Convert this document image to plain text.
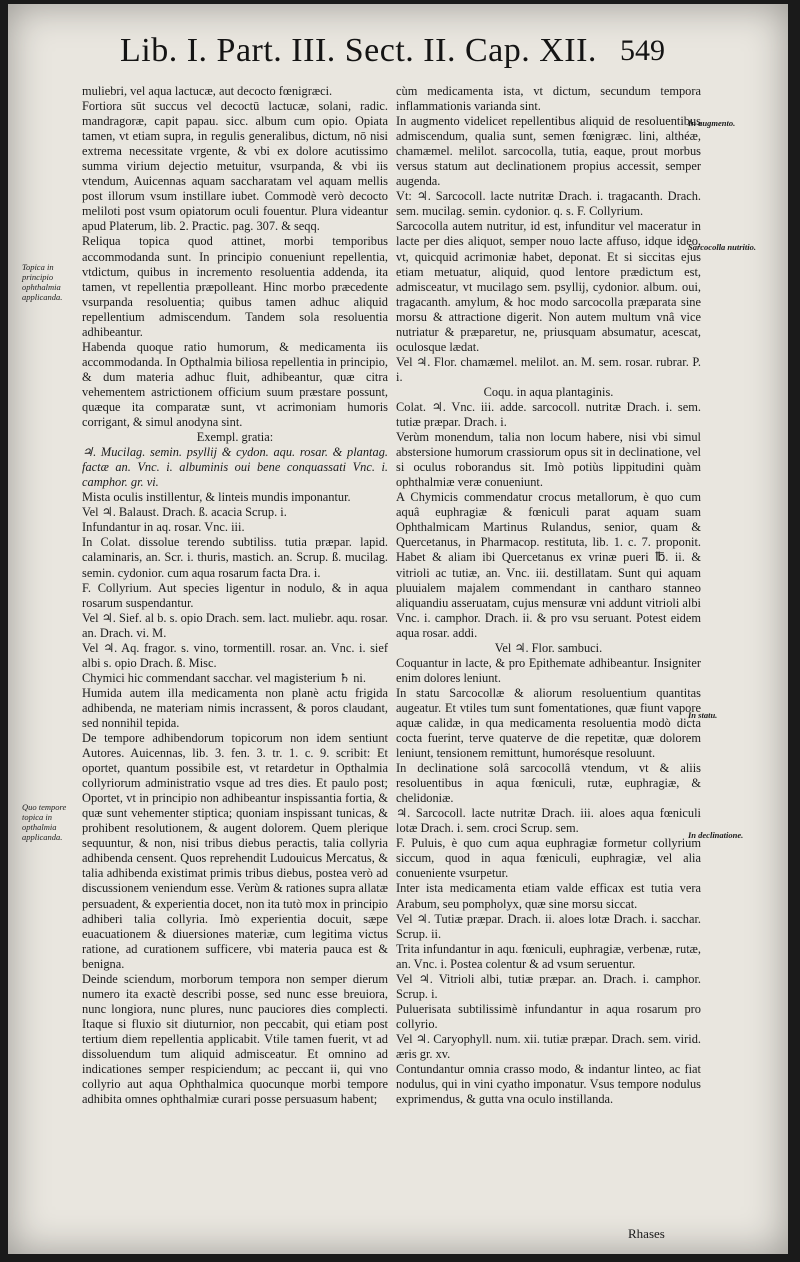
Lib. I. Part. III. Sect. II. Cap. XII. 549
Topica in principio ophthalmia applicanda.
Quo tempore topica in opthalmia applicanda.
In augmento.
Sarcocolla nutritio.
In statu.
In declinatione.

muliebri, vel aqua lactucæ, aut decocto fœnigræci.

Fortiora sūt succus vel decoctū lactucæ, solani, radic. mandragoræ, capit papau. sicc. album cum opio. Opiata tamen, vt etiam supra, in regulis generalibus, dictum, nō nisi extrema necessitate vrgente, & vbi ex dolore acutissimo summa virium dejectio metuitur, vsurpanda, & vbi iis vtendum, Auicennas aquam saccharatam vel aquam mellis post illorum vsum instillare iubet. Commodè verò decocto meliloti post vsum opiatorum oculi fouentur. Plura videantur apud Platerum, lib. 2. Practic. pag. 307. & seqq.

Reliqua topica quod attinet, morbi temporibus accommodanda sunt. In principio conueniunt repellentia, vtdictum, quibus in incremento resoluentia addenda, ita tamen, vt repellentia præpolleant. Hinc morbo præcedente vsurpanda resoluentia; quibus tamen adhuc aliquid repellentium admiscendum. Tandem sola resoluentia adhibeantur.

Habenda quoque ratio humorum, & medicamenta iis accommodanda. In Opthalmia biliosa repellentia in principio, & dum materia adhuc fluit, adhibeantur, quæ citra vehementem astrictionem officium suum præstare possunt, quæque ita comparatæ sunt, vt acrimoniam humoris corrigant, & simul anodyna sint.

Exempl. gratia:

♃. Mucilag. semin. psyllij & cydon. aqu. rosar. & plantag. factæ an. Vnc. i. albuminis oui bene conquassati Vnc. i. camphor. gr. vi.

Mista oculis instillentur, & linteis mundis imponantur.

Vel ♃. Balaust. Drach. ß. acacia Scrup. i.

Infundantur in aq. rosar. Vnc. iii.

In Colat. dissolue terendo subtiliss. tutia præpar. lapid. calaminaris, an. Scr. i. thuris, mastich. an. Scrup. ß. mucilag. semin. cydonior. cum aqua rosarum facta Dra. i.

F. Collyrium. Aut species ligentur in nodulo, & in aqua rosarum suspendantur.

Vel ♃. Sief. al b. s. opio Drach. sem. lact. muliebr. aqu. rosar. an. Drach. vi. M.

Vel ♃. Aq. fragor. s. vino, tormentill. rosar. an. Vnc. i. sief albi s. opio Drach. ß. Misc.

Chymici hic commendant sacchar. vel magisterium ♄ ni.

Humida autem illa medicamenta non planè actu frigida adhibenda, ne materiam nimis incrassent, & poros claudant, sed nonnihil tepida.

De tempore adhibendorum topicorum non idem sentiunt Autores. Auicennas, lib. 3. fen. 3. tr. 1. c. 9. scribit: Et oportet, quantum possibile est, vt retardetur in Opthalmia collyriorum administratio vsque ad tres dies. Et paulo post; Oportet, vt in principio non adhibeantur inspissantia fortia, & quæ sunt vehementer stiptica; quoniam inspissant tunicas, & prohibent resolutionem, & augent dolorem. Quem plerique sequuntur, & non, nisi tribus diebus peractis, talia collyria adhibenda censent. Quos reprehendit Ludouicus Mercatus, & talia adhibenda existimat primis tribus diebus, postea verò ad discussionem veniendum esse. Verùm & rationes supra allatæ persuadent, & experientia docet, non ita tutò mox in principio adhiberi talia collyria. Imò experientia docuit, sæpe euacuationem & diuersiones materiæ, cum legitima victus ratione, ad curationem sufficere, vbi materia pauca est & benigna.

Deinde sciendum, morborum tempora non semper dierum numero ita exactè describi posse, sed nunc esse breuiora, nunc longiora, nunc plures, nunc pauciores dies complecti. Itaque si fluxio sit diuturnior, non peccabit, qui etiam post tertium diem repellentia applicabit. Vtile tamen fuerit, vt ad dissoluendum tum aliquid admisceatur. Et omnino ad indicationes semper respiciendum; ac peccant ii, qui vno collyrio aut aqua Ophthalmica quocunque morbi tempore adhibita omnes ophthalmiæ curari posse persuasum habent;

cùm medicamenta ista, vt dictum, secundum tempora inflammationis varianda sint.

In augmento videlicet repellentibus aliquid de resoluentibus admiscendum, qualia sunt, semen fœnigræc. lini, althéæ, chamæmel. melilot. sarcocolla, tutia, eaque, prout morbus versus statum aut declinationem propius accessit, semper augenda.

Vt: ♃. Sarcocoll. lacte nutritæ Drach. i. tragacanth. Drach. sem. mucilag. semin. cydonior. q. s. F. Collyrium.

Sarcocolla autem nutritur, id est, infunditur vel maceratur in lacte per dies aliquot, semper nouo lacte affuso, idque ideo, vt, quicquid acrimoniæ habet, deponat. Et si siccitas ejus etiam metuatur, aliquid, quod lentore prædictum est, admisceatur, vt mucilago sem. psyllij, cydonior. album. oui, tragacanth. amylum, & hoc modo sarcocolla præparata sine morsu & attractione digerit. Non autem multum vnâ vice nutriatur & præparetur, ne, priusquam absumatur, acescat, oculosque lædat.

Vel ♃. Flor. chamæmel. melilot. an. M. sem. rosar. rubrar. P. i.

Coqu. in aqua plantaginis.

Colat. ♃. Vnc. iii. adde. sarcocoll. nutritæ Drach. i. sem. tutiæ præpar. Drach. i.

Verùm monendum, talia non locum habere, nisi vbi simul abstersione humorum crassiorum opus sit in declinatione, vel si oculus roborandus sit. Imò potiùs lippitudini quàm ophthalmiæ veræ conueniunt.

A Chymicis commendatur crocus metallorum, è quo cum aquâ euphragiæ & fœniculi parat aquam suam Ophthalmicam Martinus Rulandus, senior, quam & Quercetanus, in Pharmacop. restituta, lib. 1. c. 7. proponit. Habet & aliam ibi Quercetanus ex vrinæ pueri ℔. ii. & vitrioli ac tutiæ, an. Vnc. iii. destillatam. Sunt qui aquam pluuialem majalem commendant in cantharo stanneo aliquandiu asseruatam, cujus mensuræ vni addunt vitrioli albi Vnc. i. camphor. Drach. ii. & pro vsu seruant. Potest eidem aqua rosar. addi.

Vel ♃. Flor. sambuci.

Coquantur in lacte, & pro Epithemate adhibeantur. Insigniter enim dolores leniunt.

In statu Sarcocollæ & aliorum resoluentium quantitas augeatur. Et vtiles tum sunt fomentationes, quæ fiunt vapore aquæ calidæ, in qua medicamenta resoluentia modò dicta cocta fuerint, terve quaterve de die repetitæ, quæ dolorem leniunt, tensionem remittunt, humorésque resoluunt.

In declinatione solâ sarcocollâ vtendum, vt & aliis resoluentibus in aqua fœniculi, rutæ, euphragiæ, & chelidoniæ.

♃. Sarcocoll. lacte nutritæ Drach. iii. aloes aqua fœniculi lotæ Drach. i. sem. croci Scrup. sem.

F. Puluis, è quo cum aqua euphragiæ formetur collyrium siccum, quod in aqua fœniculi, euphragiæ, vel alia conueniente vsurpetur.

Inter ista medicamenta etiam valde efficax est tutia vera Arabum, seu pompholyx, quæ sine morsu siccat.

Vel ♃. Tutiæ præpar. Drach. ii. aloes lotæ Drach. i. sacchar. Scrup. ii.

Trita infundantur in aqu. fœniculi, euphragiæ, verbenæ, rutæ, an. Vnc. i. Postea colentur & ad vsum seruentur.

Vel ♃. Vitrioli albi, tutiæ præpar. an. Drach. i. camphor. Scrup. i.

Puluerisata subtilissimè infundantur in aqua rosarum pro collyrio.

Vel ♃. Caryophyll. num. xii. tutiæ præpar. Drach. sem. virid. æris gr. xv.

Contundantur omnia crasso modo, & indantur linteo, ac fiat nodulus, qui in vini cyatho imponatur. Vsus tempore nodulus exprimendus, & gutta vna oculo instillanda.

Rhases
